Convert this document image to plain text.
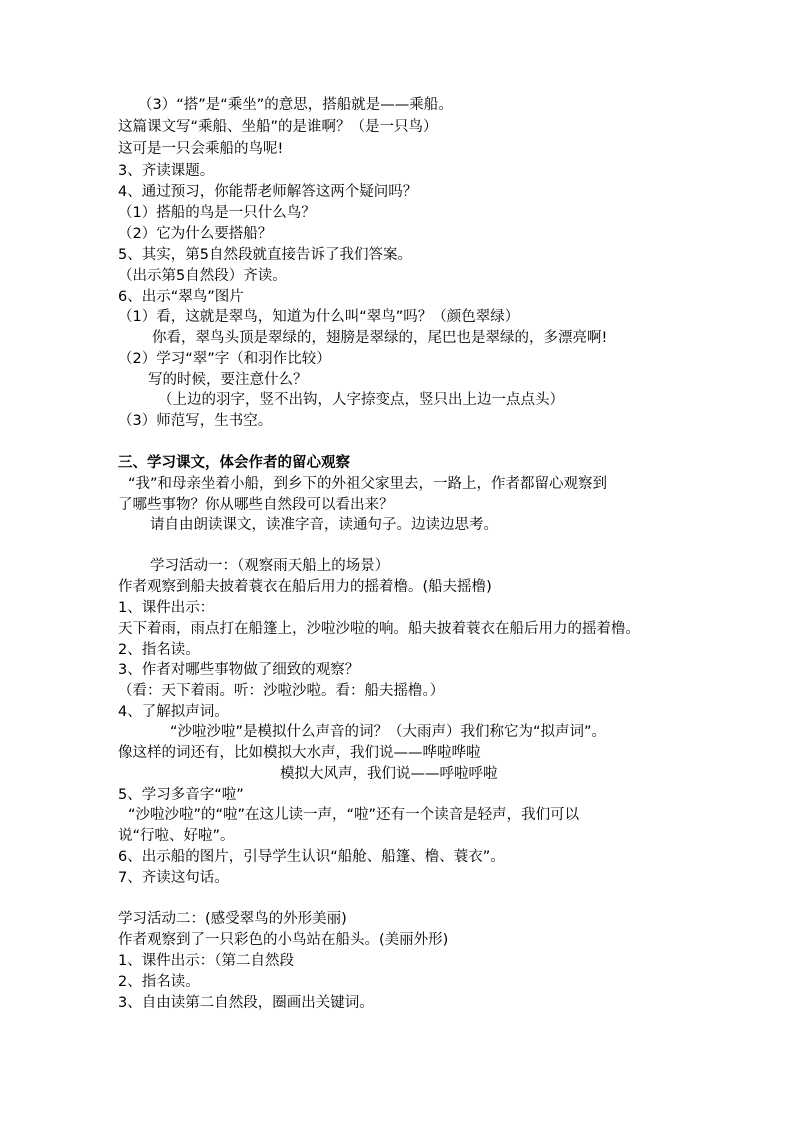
（3）“搭”是“乘坐”的意思，搭船就是——乘船。
这篇课文写“乘船、坐船”的是谁啊？（是一只鸟）
这可是一只会乘船的鸟呢!
3、齐读课题。
4、通过预习，你能帮老师解答这两个疑问吗？
（1）搭船的鸟是一只什么鸟？
（2）它为什么要搭船？
5、其实，第5自然段就直接告诉了我们答案。
（出示第5自然段）齐读。
6、出示“翠鸟”图片
（1）看，这就是翠鸟，知道为什么叫“翠鸟”吗？（颜色翠绿）
你看，翠鸟头顶是翠绿的，翅膀是翠绿的，尾巴也是翠绿的，多漂亮啊!
（2）学习“翠”字（和羽作比较）
写的时候，要注意什么？
（上边的羽字，竖不出钩，人字捺变点，竖只出上边一点点头）
（3）师范写，生书空。
三、学习课文，体会作者的留心观察
“我”和母亲坐着小船，到乡下的外祖父家里去，一路上，作者都留心观察到
了哪些事物？你从哪些自然段可以看出来？
请自由朗读课文，读准字音，读通句子。边读边思考。
学习活动一：（观察雨天船上的场景）
作者观察到船夫披着蓑衣在船后用力的摇着橹。(船夫摇橹)
1、课件出示：
天下着雨，雨点打在船篷上，沙啦沙啦的响。船夫披着蓑衣在船后用力的摇着橹。
2、指名读。
3、作者对哪些事物做了细致的观察？
（看：天下着雨。听：沙啦沙啦。看：船夫摇橹。）
4、了解拟声词。
“沙啦沙啦”是模拟什么声音的词？（大雨声）我们称它为“拟声词”。
像这样的词还有，比如模拟大水声，我们说——哗啦哗啦
模拟大风声，我们说——呼啦呼啦
5、学习多音字“啦”
“沙啦沙啦”的“啦”在这儿读一声，“啦”还有一个读音是轻声，我们可以
说“行啦、好啦”。
6、出示船的图片，引导学生认识“船舱、船篷、橹、蓑衣”。
7、齐读这句话。
学习活动二：(感受翠鸟的外形美丽)
作者观察到了一只彩色的小鸟站在船头。(美丽外形)
1、课件出示：（第二自然段
2、指名读。
3、自由读第二自然段，圈画出关键词。
